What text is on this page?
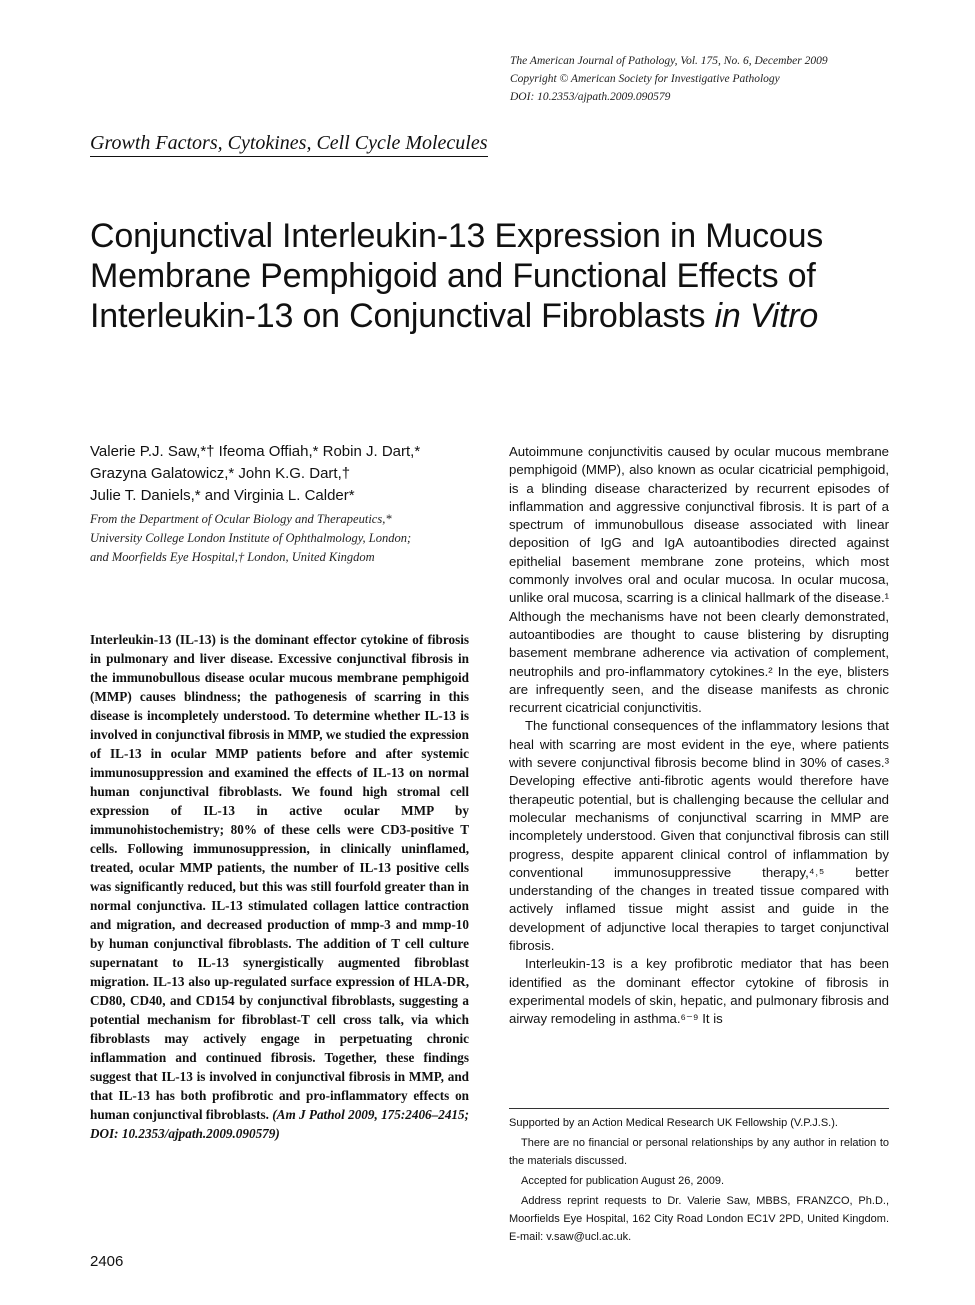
The American Journal of Pathology, Vol. 175, No. 6, December 2009
Copyright © American Society for Investigative Pathology
DOI: 10.2353/ajpath.2009.090579
Growth Factors, Cytokines, Cell Cycle Molecules
Conjunctival Interleukin-13 Expression in Mucous
Membrane Pemphigoid and Functional Effects of
Interleukin-13 on Conjunctival Fibroblasts in Vitro
Valerie P.J. Saw,*† Ifeoma Offiah,* Robin J. Dart,*
Grazyna Galatowicz,* John K.G. Dart,†
Julie T. Daniels,* and Virginia L. Calder*
From the Department of Ocular Biology and Therapeutics,*
University College London Institute of Ophthalmology, London;
and Moorfields Eye Hospital,† London, United Kingdom
Interleukin-13 (IL-13) is the dominant effector cytokine of fibrosis in pulmonary and liver disease. Excessive conjunctival fibrosis in the immunobullous disease ocular mucous membrane pemphigoid (MMP) causes blindness; the pathogenesis of scarring in this disease is incompletely understood. To determine whether IL-13 is involved in conjunctival fibrosis in MMP, we studied the expression of IL-13 in ocular MMP patients before and after systemic immunosuppression and examined the effects of IL-13 on normal human conjunctival fibroblasts. We found high stromal cell expression of IL-13 in active ocular MMP by immunohistochemistry; 80% of these cells were CD3-positive T cells. Following immunosuppression, in clinically uninflamed, treated, ocular MMP patients, the number of IL-13 positive cells was significantly reduced, but this was still fourfold greater than in normal conjunctiva. IL-13 stimulated collagen lattice contraction and migration, and decreased production of mmp-3 and mmp-10 by human conjunctival fibroblasts. The addition of T cell culture supernatant to IL-13 synergistically augmented fibroblast migration. IL-13 also up-regulated surface expression of HLA-DR, CD80, CD40, and CD154 by conjunctival fibroblasts, suggesting a potential mechanism for fibroblast-T cell cross talk, via which fibroblasts may actively engage in perpetuating chronic inflammation and continued fibrosis. Together, these findings suggest that IL-13 is involved in conjunctival fibrosis in MMP, and that IL-13 has both profibrotic and pro-inflammatory effects on human conjunctival fibroblasts. (Am J Pathol 2009, 175:2406–2415; DOI: 10.2353/ajpath.2009.090579)

Autoimmune conjunctivitis caused by ocular mucous membrane pemphigoid (MMP), also known as ocular cicatricial pemphigoid, is a blinding disease characterized by recurrent episodes of inflammation and aggressive conjunctival fibrosis. It is part of a spectrum of immunobullous disease associated with linear deposition of IgG and IgA autoantibodies directed against epithelial basement membrane zone proteins, which most commonly involves oral and ocular mucosa. In ocular mucosa, unlike oral mucosa, scarring is a clinical hallmark of the disease.¹ Although the mechanisms have not been clearly demonstrated, autoantibodies are thought to cause blistering by disrupting basement membrane adherence via activation of complement, neutrophils and pro-inflammatory cytokines.² In the eye, blisters are infrequently seen, and the disease manifests as chronic recurrent cicatricial conjunctivitis.

The functional consequences of the inflammatory lesions that heal with scarring are most evident in the eye, where patients with severe conjunctival fibrosis become blind in 30% of cases.³ Developing effective anti-fibrotic agents would therefore have therapeutic potential, but is challenging because the cellular and molecular mechanisms of conjunctival scarring in MMP are incompletely understood. Given that conjunctival fibrosis can still progress, despite apparent clinical control of inflammation by conventional immunosuppressive therapy,⁴˒⁵ better understanding of the changes in treated tissue compared with actively inflamed tissue might assist and guide in the development of adjunctive local therapies to target conjunctival fibrosis.

Interleukin-13 is a key profibrotic mediator that has been identified as the dominant effector cytokine of fibrosis in experimental models of skin, hepatic, and pulmonary fibrosis and airway remodeling in asthma.⁶⁻⁹ It is

Supported by an Action Medical Research UK Fellowship (V.P.J.S.).

There are no financial or personal relationships by any author in relation to the materials discussed.

Accepted for publication August 26, 2009.

Address reprint requests to Dr. Valerie Saw, MBBS, FRANZCO, Ph.D., Moorfields Eye Hospital, 162 City Road London EC1V 2PD, United Kingdom. E-mail: v.saw@ucl.ac.uk.

2406
